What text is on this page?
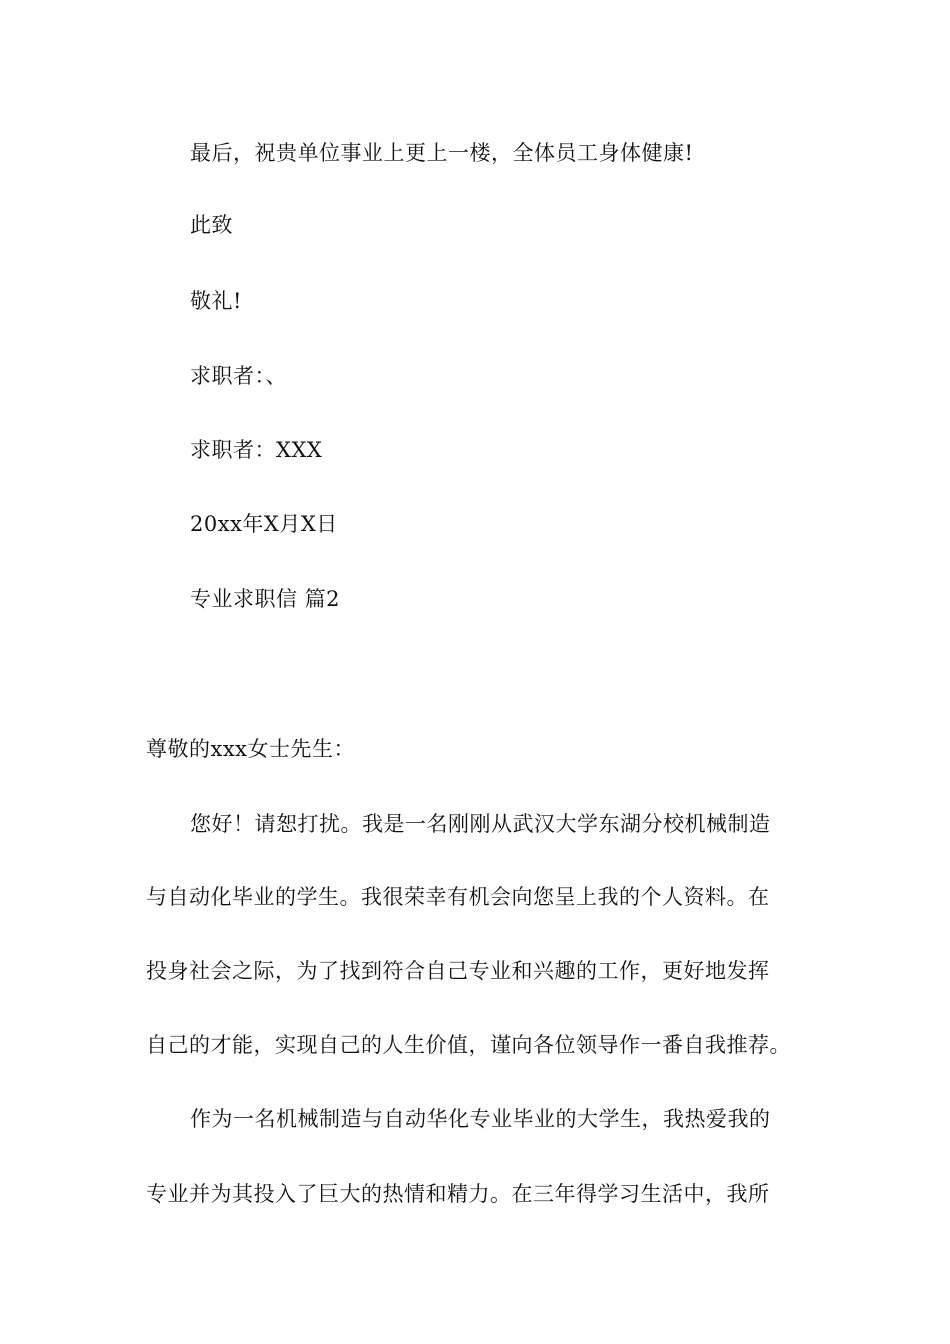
最后，祝贵单位事业上更上一楼，全体员工身体健康!
此致
敬礼!
求职者：、
求职者：XXX
20xx年X月X日
专业求职信 篇2
尊敬的xxx女士先生：
您好！请恕打扰。我是一名刚刚从武汉大学东湖分校机械制造
与自动化毕业的学生。我很荣幸有机会向您呈上我的个人资料。在
投身社会之际，为了找到符合自己专业和兴趣的工作，更好地发挥
自己的才能，实现自己的人生价值，谨向各位领导作一番自我推荐。
作为一名机械制造与自动华化专业毕业的大学生，我热爱我的
专业并为其投入了巨大的热情和精力。在三年得学习生活中，我所
